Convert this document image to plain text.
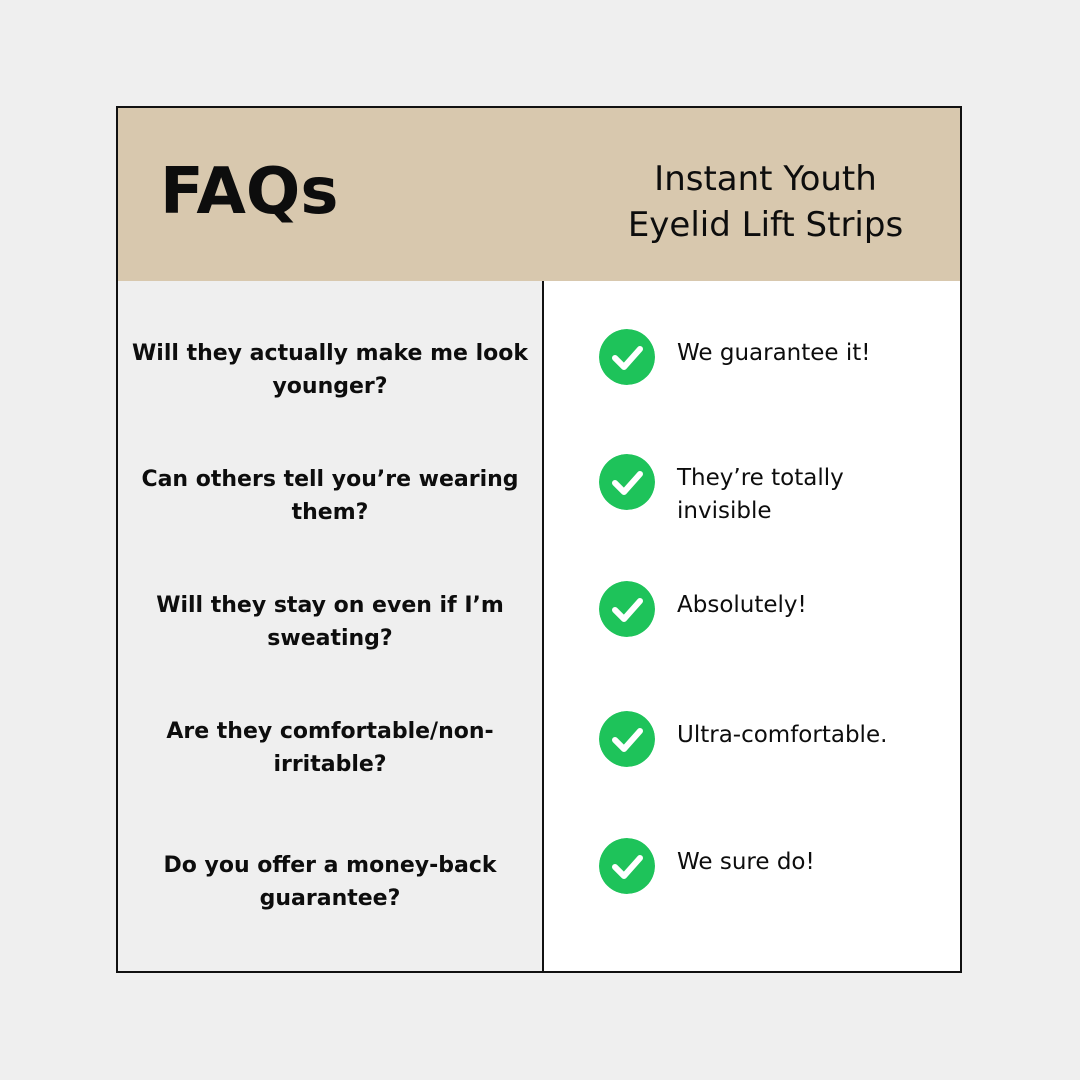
FAQs	Instant Youth
Eyelid Lift Strips
Will they actually make me look younger?
Can others tell you’re wearing them?
Will they stay on even if I’m sweating?
Are they comfortable/non-irritable?
Do you offer a money-back guarantee?
We guarantee it!
They’re totally invisible
Absolutely!
Ultra-comfortable.
We sure do!
